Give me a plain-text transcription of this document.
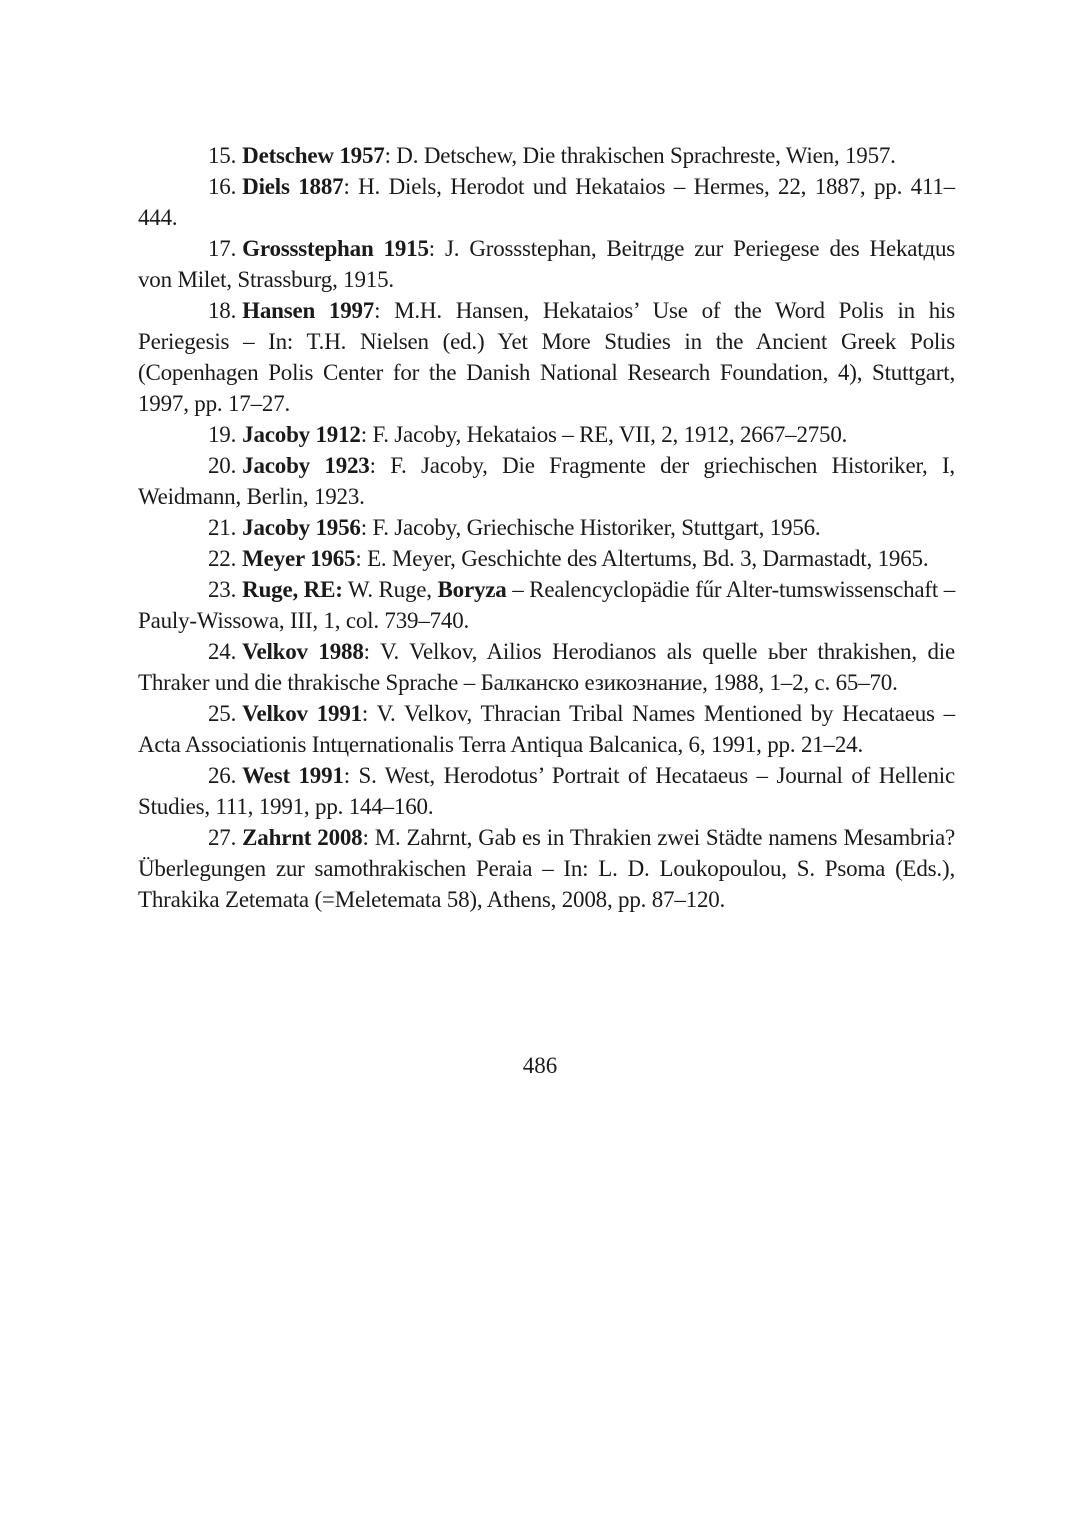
15. Detschew 1957: D. Detschew, Die thrakischen Sprachreste, Wien, 1957.
16. Diels 1887: H. Diels, Herodot und Hekataios – Hermes, 22, 1887, pp. 411–444.
17. Grossstephan 1915: J. Grossstephan, Beitrдge zur Periegese des Hekatдus von Milet, Strassburg, 1915.
18. Hansen 1997: M.H. Hansen, Hekataios’ Use of the Word Polis in his Periegesis – In: T.H. Nielsen (ed.) Yet More Studies in the Ancient Greek Polis (Copenhagen Polis Center for the Danish National Research Foundation, 4), Stuttgart, 1997, pp. 17–27.
19. Jacoby 1912: F. Jacoby, Hekataios – RE, VII, 2, 1912, 2667–2750.
20. Jacoby 1923: F. Jacoby, Die Fragmente der griechischen Historiker, I, Weidmann, Berlin, 1923.
21. Jacoby 1956: F. Jacoby, Griechische Historiker, Stuttgart, 1956.
22. Meyer 1965: E. Meyer, Geschichte des Altertums, Bd. 3, Darmastadt, 1965.
23. Ruge, RE: W. Ruge, Boryza – Realencyclopädie fűr Alter-tumswissenschaft – Pauly-Wissowa, III, 1, col. 739–740.
24. Velkov 1988: V. Velkov, Ailios Herodianos als quelle ьber thrakishen, die Thraker und die thrakische Sprache – Балканско езикознание, 1988, 1–2, c. 65–70.
25. Velkov 1991: V. Velkov, Thracian Tribal Names Mentioned by Hecataeus – Acta Associationis Intцernationalis Terra Antiqua Balcanica, 6, 1991, pp. 21–24.
26. West 1991: S. West, Herodotus’ Portrait of Hecataeus – Journal of Hellenic Studies, 111, 1991, pp. 144–160.
27. Zahrnt 2008: M. Zahrnt, Gab es in Thrakien zwei Städte namens Mesambria? Überlegungen zur samothrakischen Peraia – In: L. D. Loukopoulou, S. Psoma (Eds.), Thrakika Zetemata (=Meletemata 58), Athens, 2008, pp. 87–120.
486
